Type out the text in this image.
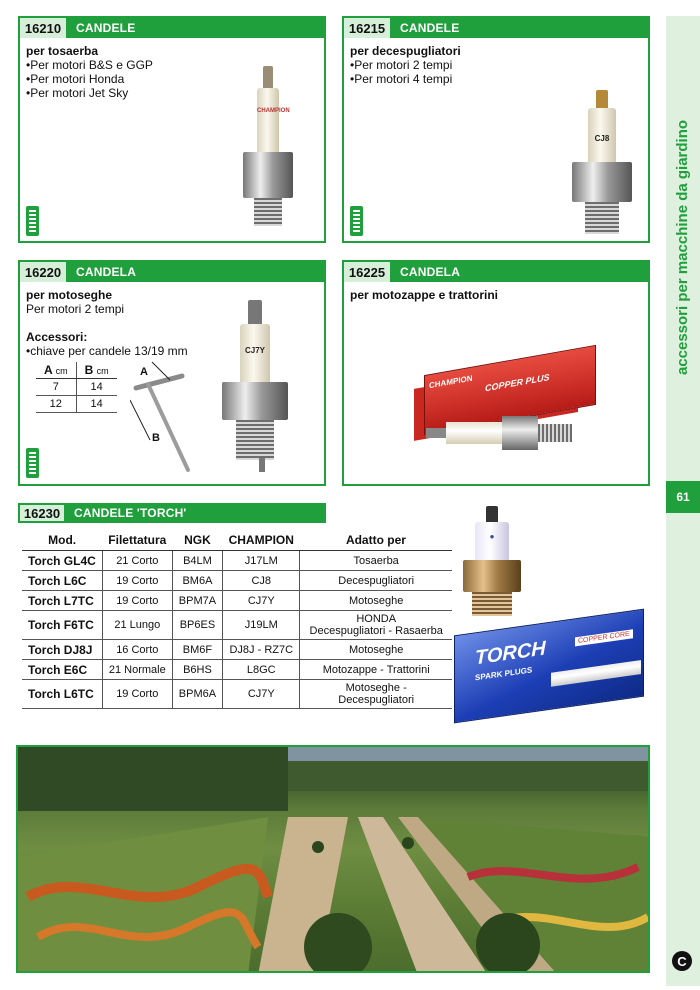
16210	CANDELE
per tosaerba
• Per motori B&S e GGP
• Per motori Honda
• Per motori Jet Sky
CHAMPION
16215	CANDELE
per decespugliatori
• Per motori 2 tempi
• Per motori 4 tempi
CJ8
16220	CANDELA
per motoseghe
Per motori 2 tempi
Accessori:
• chiave per candele 13/19 mm	CJ7Y
A
B
A cm	B cm
7	14
12	14
16225	CANDELA
per motozappe e trattorini
CHAMPION COPPER PLUS
16230	CANDELE 'TORCH'
Mod.	Filettatura	NGK	CHAMPION	Adatto per
Torch GL4C	21 Corto	B4LM	J17LM	Tosaerba
Torch L6C	19 Corto	BM6A	CJ8	Decespugliatori
Torch L7TC	19 Corto	BPM7A	CJ7Y	Motoseghe
Torch F6TC	21 Lungo	BP6ES	J19LM	HONDA
Decespugliatori - Rasaerba

Torch DJ8J	16 Corto	BM6F	DJ8J - RZ7C	Motoseghe
Torch E6C	21 Normale	B6HS	L8GC	Motozappe - Trattorini
Torch L6TC	19 Corto	BPM6A	CJ7Y	Motoseghe - Decespugliatori
●
TORCH
SPARK PLUGS
COPPER CORE
accessori per macchine da giardino
61
C
